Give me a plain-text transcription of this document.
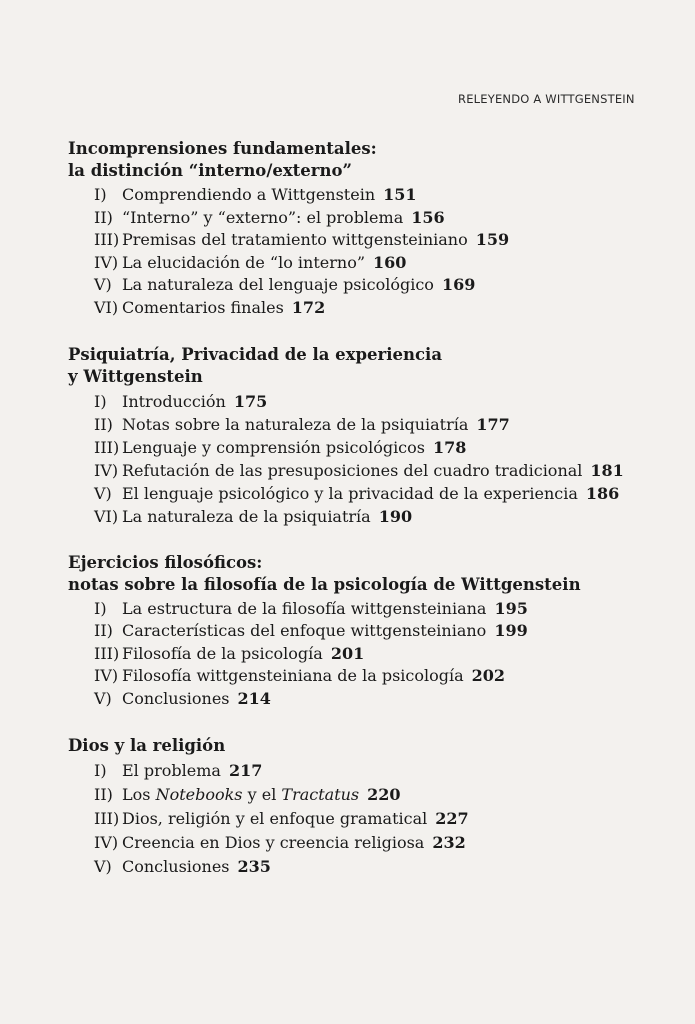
RELEYENDO A WITTGENSTEIN
Incomprensiones fundamentales:
la distinción “interno/externo”
I) Comprendiendo a Wittgenstein 151
II) “Interno” y “externo”: el problema 156
III) Premisas del tratamiento wittgensteiniano 159
IV) La elucidación de “lo interno” 160
V) La naturaleza del lenguaje psicológico 169
VI) Comentarios finales 172
Psiquiatría, Privacidad de la experiencia
y Wittgenstein
I) Introducción 175
II) Notas sobre la naturaleza de la psiquiatría 177
III) Lenguaje y comprensión psicológicos 178
IV) Refutación de las presuposiciones del cuadro tradicional 181
V) El lenguaje psicológico y la privacidad de la experiencia 186
VI) La naturaleza de la psiquiatría 190
Ejercicios filosóficos:
notas sobre la filosofía de la psicología de Wittgenstein
I) La estructura de la filosofía wittgensteiniana 195
II) Características del enfoque wittgensteiniano 199
III) Filosofía de la psicología 201
IV) Filosofía wittgensteiniana de la psicología 202
V) Conclusiones 214
Dios y la religión
I) El problema 217
II) Los Notebooks y el Tractatus 220
III) Dios, religión y el enfoque gramatical 227
IV) Creencia en Dios y creencia religiosa 232
V) Conclusiones 235
